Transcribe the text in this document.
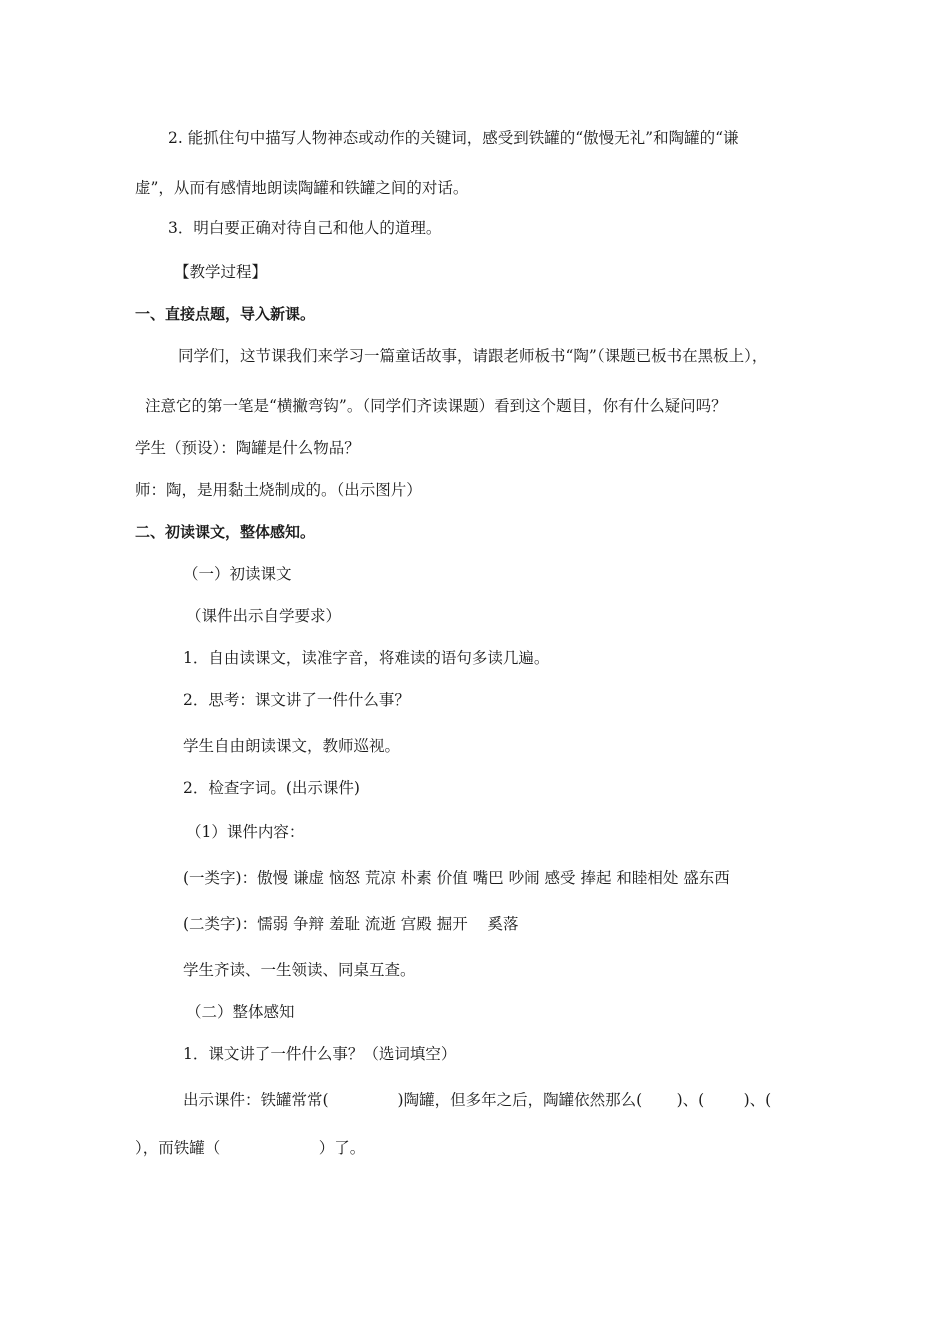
2. 能抓住句中描写人物神态或动作的关键词，感受到铁罐的“傲慢无礼”和陶罐的“谦
虚”，从而有感情地朗读陶罐和铁罐之间的对话。
3．明白要正确对待自己和他人的道理。
【教学过程】
一、直接点题，导入新课。
同学们，这节课我们来学习一篇童话故事，请跟老师板书“陶”（课题已板书在黑板上），
注意它的第一笔是“横撇弯钩”。（同学们齐读课题）看到这个题目，你有什么疑问吗？
学生（预设）：陶罐是什么物品？
师：陶，是用黏土烧制成的。（出示图片）
二、初读课文，整体感知。
（一）初读课文
（课件出示自学要求）
1．自由读课文，读准字音，将难读的语句多读几遍。
2．思考：课文讲了一件什么事？
学生自由朗读课文，教师巡视。
2．检查字词。(出示课件)
（1）课件内容：
(一类字)：傲慢 谦虚 恼怒 荒凉 朴素 价值 嘴巴 吵闹 感受 捧起 和睦相处 盛东西
(二类字)：懦弱 争辩 羞耻 流逝 宫殿 掘开    奚落
学生齐读、一生领读、同桌互查。
（二）整体感知
1．课文讲了一件什么事？（选词填空）
出示课件：铁罐常常(              )陶罐，但多年之后，陶罐依然那么(       )、(        )、(
），而铁罐（                    ）了。
